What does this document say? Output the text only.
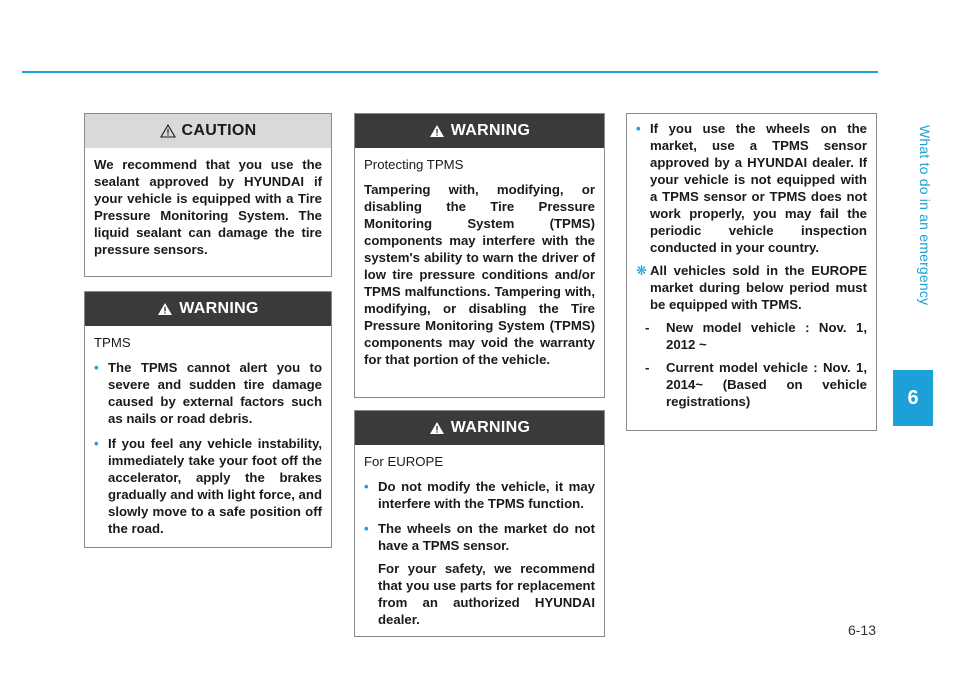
What to do in an emergency
6
6-13
CAUTION

We recommend that you use the sealant approved by HYUNDAI if your vehicle is equipped with a Tire Pressure Monitoring System. The liquid sealant can damage the tire pressure sensors.

WARNING

TPMS

• The TPMS cannot alert you to severe and sudden tire damage caused by external factors such as nails or road debris.

• If you feel any vehicle instability, immediately take your foot off the accelerator, apply the brakes gradually and with light force, and slowly move to a safe position off the road.

WARNING

Protecting TPMS

Tampering with, modifying, or disabling the Tire Pressure Monitoring System (TPMS) components may interfere with the system's ability to warn the driver of low tire pressure conditions and/or TPMS malfunctions. Tampering with, modifying, or disabling the Tire Pressure Monitoring System (TPMS) components may void the warranty for that portion of the vehicle.

WARNING

For EUROPE

• Do not modify the vehicle, it may interfere with the TPMS function.

• The wheels on the market do not have a TPMS sensor.

For your safety, we recommend that you use parts for replacement from an authorized HYUNDAI dealer.

• If you use the wheels on the market, use a TPMS sensor approved by a HYUNDAI dealer. If your vehicle is not equipped with a TPMS sensor or TPMS does not work properly, you may fail the periodic vehicle inspection conducted in your country.

❋ All vehicles sold in the EUROPE market during below period must be equipped with TPMS.

- New model vehicle : Nov. 1, 2012 ~

- Current model vehicle : Nov. 1, 2014~ (Based on vehicle registrations)
